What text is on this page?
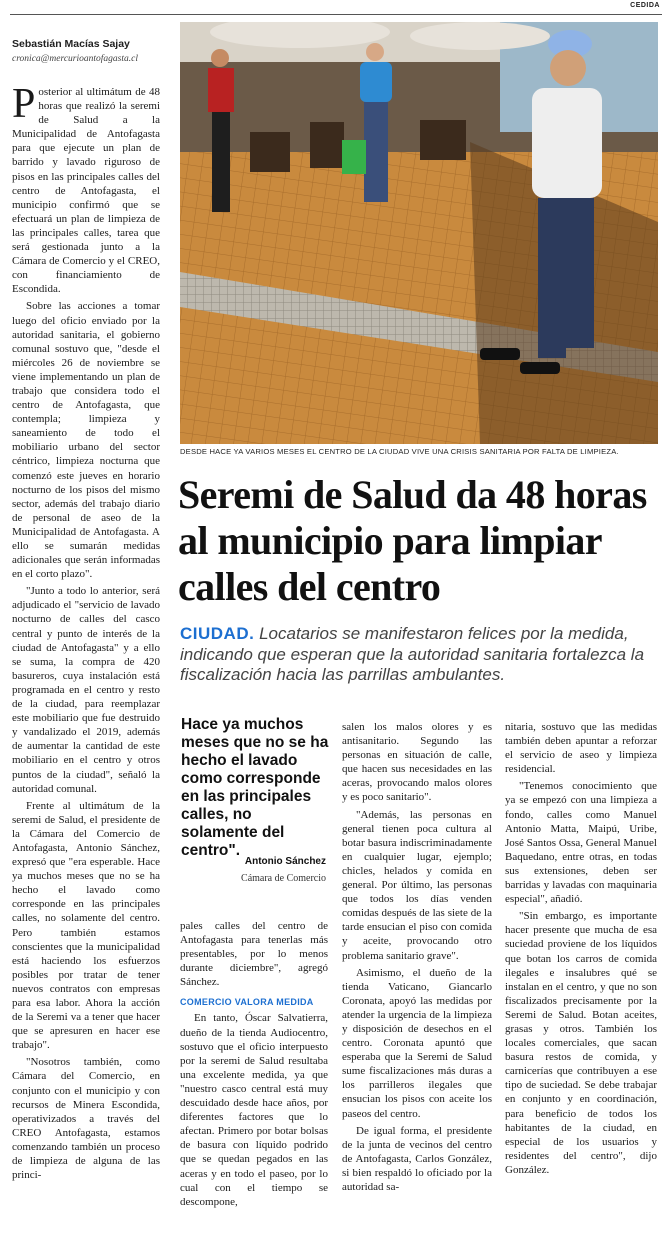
CEDIDA
Sebastián Macías Sajay
cronica@mercurioantofagasta.cl

Posterior al ultimátum de 48 horas que realizó la seremi de Salud a la Municipalidad de Antofagasta para que ejecute un plan de barrido y lavado riguroso de pisos en las principales calles del centro de Antofagasta, el municipio confirmó que se efectuará un plan de limpieza de las principales calles, tarea que será gestionada junto a la Cámara de Comercio y el CREO, con financiamiento de Escondida.

Sobre las acciones a tomar luego del oficio enviado por la autoridad sanitaria, el gobierno comunal sostuvo que, "desde el miércoles 26 de noviembre se viene implementando un plan de trabajo que considera todo el centro de Antofagasta, que contempla; limpieza y saneamiento de todo el mobiliario urbano del sector céntrico, limpieza nocturna que comenzó este jueves en horario nocturno de los pisos del mismo sector, además del trabajo diario de personal de aseo de la Municipalidad de Antofagasta. A ello se sumarán medidas adicionales que serán informadas en el corto plazo".

"Junto a todo lo anterior, será adjudicado el "servicio de lavado nocturno de calles del casco central y punto de interés de la ciudad de Antofagasta" y a ello se suma, la compra de 420 basureros, cuya instalación está programada en el centro y resto de la ciudad, para reemplazar este mobiliario que fue destruido y vandalizado el 2019, además de aumentar la cantidad de este mobiliario en el centro y otros puntos de la ciudad", señaló la autoridad comunal.

Frente al ultimátum de la seremi de Salud, el presidente de la Cámara del Comercio de Antofagasta, Antonio Sánchez, expresó que "era esperable. Hace ya muchos meses que no se ha hecho el lavado como corresponde en las principales calles, no solamente del centro. Pero también estamos conscientes que la municipalidad está haciendo los esfuerzos posibles por tratar de tener nuevos contratos con empresas para esa labor. Ahora la acción de la Seremi va a tener que hacer que se apresuren en hacer ese trabajo".

"Nosotros también, como Cámara del Comercio, en conjunto con el municipio y con recursos de Minera Escondida, operativizados a través del CREO Antofagasta, estamos comenzando también un proceso de limpieza de alguna de las princi-

DESDE HACE YA VARIOS MESES EL CENTRO DE LA CIUDAD VIVE UNA CRISIS SANITARIA POR FALTA DE LIMPIEZA.
Seremi de Salud da 48 horas al municipio para limpiar calles del centro
CIUDAD. Locatarios se manifestaron felices por la medida, indicando que esperan que la autoridad sanitaria fortalezca la fiscalización hacia las parrillas ambulantes.
Hace ya muchos meses que no se ha hecho el lavado como corresponde en las principales calles, no solamente del centro".
Antonio Sánchez
Cámara de Comercio

pales calles del centro de Antofagasta para tenerlas más presentables, por lo menos durante diciembre", agregó Sánchez.

COMERCIO VALORA MEDIDA

En tanto, Óscar Salvatierra, dueño de la tienda Audiocentro, sostuvo que el oficio interpuesto por la seremi de Salud resultaba una excelente medida, ya que "nuestro casco central está muy descuidado desde hace años, por diferentes factores que lo afectan. Primero por botar bolsas de basura con líquido podrido que se quedan pegados en las aceras y en todo el paseo, por lo cual con el tiempo se descompone,

salen los malos olores y es antisanitario. Segundo las personas en situación de calle, que hacen sus necesidades en las aceras, provocando malos olores y es poco sanitario".

"Además, las personas en general tienen poca cultura al botar basura indiscriminadamente en cualquier lugar, ejemplo; chicles, helados y comida en general. Por último, las personas que todos los días venden comidas después de las siete de la tarde ensucian el piso con comida y aceite, provocando otro problema sanitario grave".

Asimismo, el dueño de la tienda Vaticano, Giancarlo Coronata, apoyó las medidas por atender la urgencia de la limpieza y disposición de desechos en el centro. Coronata apuntó que esperaba que la Seremi de Salud sume fiscalizaciones más duras a los parrilleros ilegales que ensucian los pisos con aceite los paseos del centro.

De igual forma, el presidente de la junta de vecinos del centro de Antofagasta, Carlos González, si bien respaldó lo oficiado por la autoridad sa-

nitaria, sostuvo que las medidas también deben apuntar a reforzar el servicio de aseo y limpieza residencial.

"Tenemos conocimiento que ya se empezó con una limpieza a fondo, calles como Manuel Antonio Matta, Maipú, Uribe, José Santos Ossa, General Manuel Baquedano, entre otras, en todas sus extensiones, deben ser barridas y lavadas con maquinaria especial", añadió.

"Sin embargo, es importante hacer presente que mucha de esa suciedad proviene de los líquidos que botan los carros de comida ilegales e insalubres qué se instalan en el centro, y que no son fiscalizados precisamente por la Seremi de Salud. Botan aceites, grasas y otros. También los locales comerciales, que sacan basura restos de comida, y carnicerías que contribuyen a ese tipo de suciedad. Se debe trabajar en conjunto y en coordinación, para beneficio de todos los habitantes de la ciudad, en especial de los usuarios y residentes del centro", dijo González.
